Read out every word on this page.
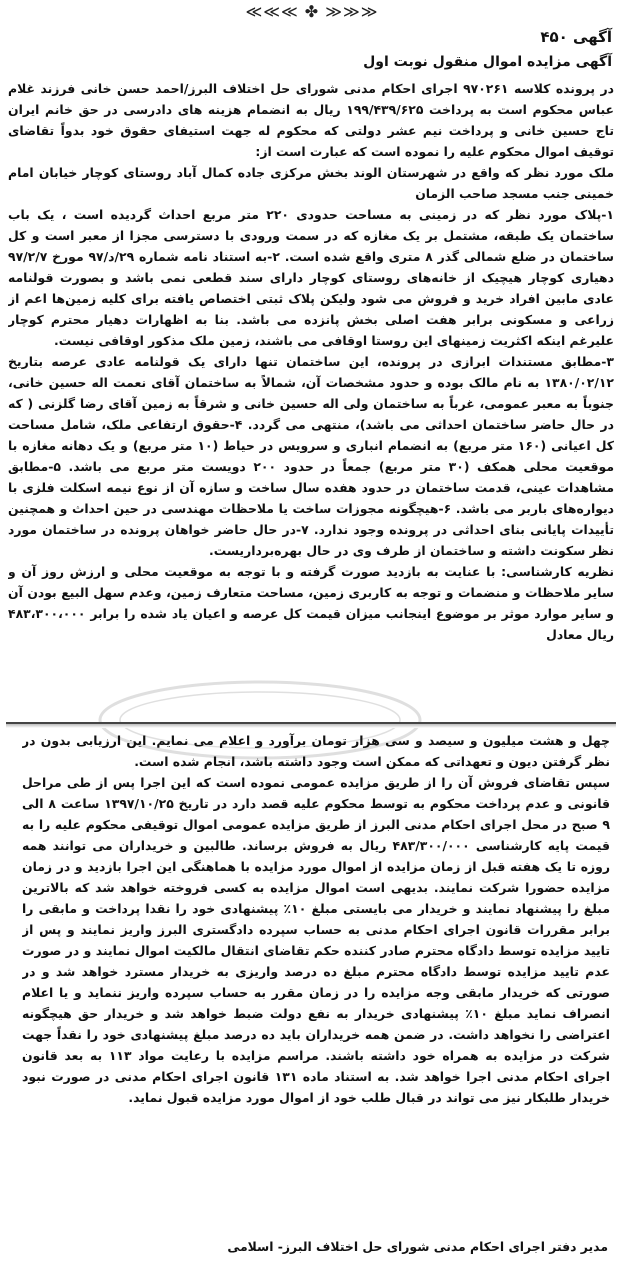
≪≪≪ ✤ ≫≫≫
آگهی ۴۵۰
آگهی مزایده اموال منقول نوبت اول

در پرونده کلاسه ۹۷۰۲۶۱ اجرای احکام مدنی شورای حل اختلاف البرز/احمد حسن خانی فرزند غلام عباس محکوم است به پرداخت ۱۹۹/۴۳۹/۶۲۵ ریال به انضمام هزینه های دادرسی در حق خانم ایران تاج حسین خانی و پرداخت نیم عشر دولتی که محکوم له جهت استیفای حقوق خود بدواً تقاضای توقیف اموال محکوم علیه را نموده است که عبارت است از:

ملک مورد نظر که واقع در شهرستان الوند بخش مرکزی جاده کمال آباد روستای کوچار خیابان امام خمینی جنب مسجد صاحب الزمان

۱-پلاک مورد نظر که در زمینی به مساحت حدودی ۲۲۰ متر مربع احداث گردیده است ، یک باب ساختمان یک طبقه، مشتمل بر یک مغازه که در سمت ورودی با دسترسی مجزا از معبر است و کل ساختمان در ضلع شمالی گذر ۸ متری واقع شده است. ۲-به استناد نامه شماره ۲۹/د/۹۷ مورخ ۹۷/۲/۷ دهیاری کوچار هیچیک از خانه‌های روستای کوچار دارای سند قطعی نمی باشد و بصورت قولنامه عادی مابین افراد خرید و فروش می شود ولیکن پلاک ثبتی اختصاص یافته برای کلیه زمین‌ها اعم از زراعی و مسکونی برابر هفت اصلی بخش پانزده می باشد. بنا به اظهارات دهیار محترم کوچار علیرغم اینکه اکثریت زمینهای این روستا اوقافی می باشند، زمین ملک مذکور اوقافی نیست.

۳-مطابق مستندات ابرازی در پرونده، این ساختمان تنها دارای یک قولنامه عادی عرصه بتاریخ ۱۳۸۰/۰۲/۱۲ به نام مالک بوده و حدود مشخصات آن، شمالاً به ساختمان آقای نعمت اله حسین خانی، جنوباً به معبر عمومی، غرباً به ساختمان ولی اله حسین خانی و شرقاً به زمین آقای رضا گلزنی ( که در حال حاضر ساختمان احداثی می باشد)، منتهی می گردد. ۴-حقوق ارتفاعی ملک، شامل مساحت کل اعیانی (۱۶۰ متر مربع) به انضمام انباری و سرویس در حیاط (۱۰ متر مربع) و یک دهانه مغازه با موقعیت محلی همکف (۳۰ متر مربع) جمعاً در حدود ۲۰۰ دویست متر مربع می باشد. ۵-مطابق مشاهدات عینی، قدمت ساختمان در حدود هفده سال ساخت و سازه آن از نوع نیمه اسکلت فلزی با دیواره‌های باربر می باشد. ۶-هیچگونه مجوزات ساخت یا ملاحظات مهندسی در حین احداث و همچنین تأییدات پایانی بنای احداثی در پرونده وجود ندارد. ۷-در حال حاضر خواهان پرونده در ساختمان مورد نظر سکونت داشته و ساختمان از طرف وی در حال بهره‌برداریست.

نظریه کارشناسی: با عنایت به بازدید صورت گرفته و با توجه به موقعیت محلی و ارزش روز آن و سایر ملاحظات و منضمات و توجه به کاربری زمین، مساحت متعارف زمین، وعدم سهل البیع بودن آن و سایر موارد موثر بر موضوع اینجانب میزان قیمت کل عرصه و اعیان یاد شده را برابر ۴۸۳،۳۰۰،۰۰۰ ریال معادل

چهل و هشت میلیون و سیصد و سی هزار تومان برآورد و اعلام می نمایم. این ارزیابی بدون در نظر گرفتن دیون و تعهداتی که ممکن است وجود داشته باشد، انجام شده است.

سپس تقاضای فروش آن را از طریق مزایده عمومی نموده است که این اجرا پس از طی مراحل قانونی و عدم پرداخت محکوم به توسط محکوم علیه قصد دارد در تاریخ ۱۳۹۷/۱۰/۲۵ ساعت ۸ الی ۹ صبح در محل اجرای احکام مدنی البرز از طریق مزایده عمومی اموال توقیفی محکوم علیه را به قیمت پایه کارشناسی ۴۸۳/۳۰۰/۰۰۰ ریال به فروش برساند. طالبین و خریداران می توانند همه روزه تا یک هفته قبل از زمان مزایده از اموال مورد مزایده با هماهنگی این اجرا بازدید و در زمان مزایده حضورا شرکت نمایند. بدیهی است اموال مزایده به کسی فروخته خواهد شد که بالاترین مبلغ را پیشنهاد نمایند و خریدار می بایستی مبلغ ۱۰٪ پیشنهادی خود را نقدا پرداخت و مابقی را برابر مقررات قانون اجرای احکام مدنی به حساب سپرده دادگستری البرز واریز نمایند و پس از تایید مزایده توسط دادگاه محترم صادر کننده حکم تقاضای انتقال مالکیت اموال نمایند و در صورت عدم تایید مزایده توسط دادگاه محترم مبلغ ده درصد واریزی به خریدار مسترد خواهد شد و در صورتی که خریدار مابقی وجه مزایده را در زمان مقرر به حساب سپرده واریز ننماید و یا اعلام انصراف نماید مبلغ ۱۰٪ پیشنهادی خریدار به نفع دولت ضبط خواهد شد و خریدار حق هیچگونه اعتراضی را نخواهد داشت. در ضمن همه خریداران باید ده درصد مبلغ پیشنهادی خود را نقداً جهت شرکت در مزایده به همراه خود داشته باشند. مراسم مزایده با رعایت مواد ۱۱۳ به بعد قانون اجرای احکام مدنی اجرا خواهد شد. به استناد ماده ۱۳۱ قانون اجرای احکام مدنی در صورت نبود خریدار طلبکار نیز می تواند در قبال طلب خود از اموال مورد مزایده قبول نماید.

مدیر دفتر اجرای احکام مدنی شورای حل اختلاف البرز- اسلامی
